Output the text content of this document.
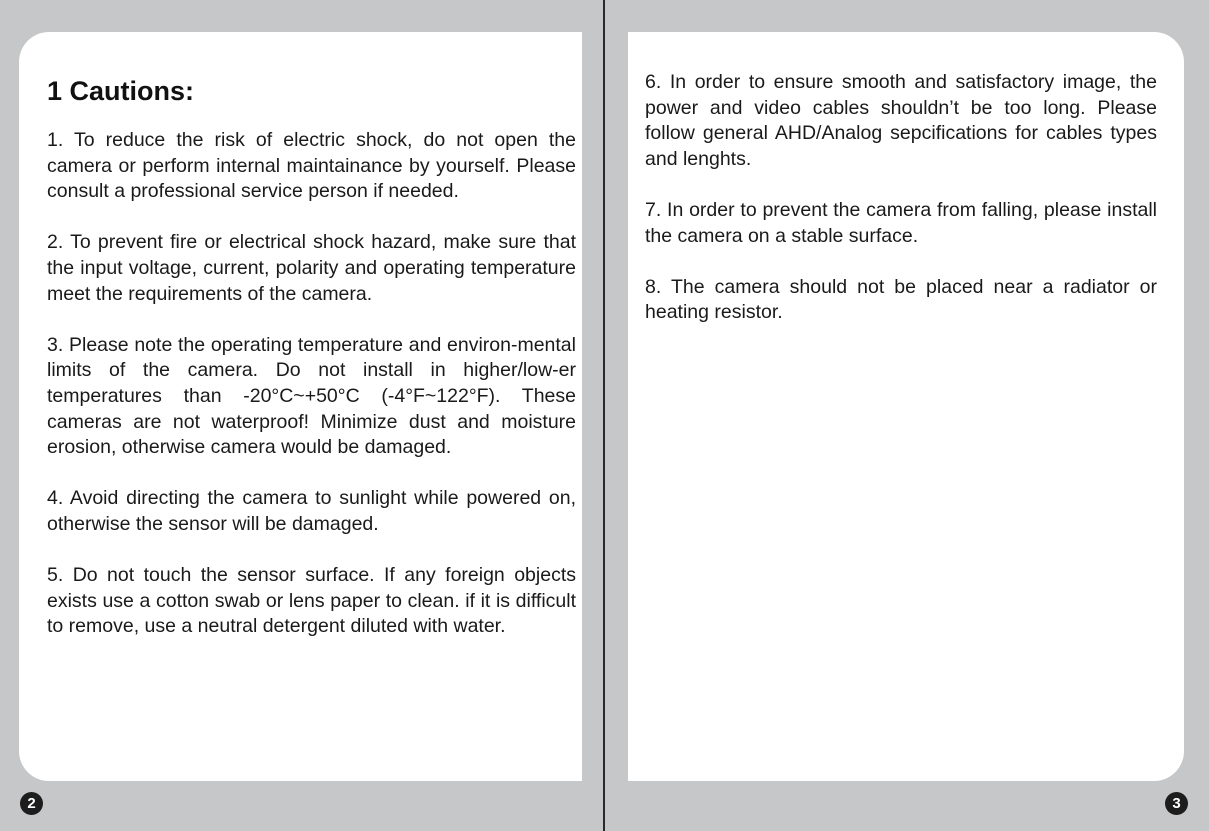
1 Cautions:

1. To reduce the risk of electric shock, do not open the camera or perform internal maintainance by yourself. Please consult a professional service person if needed.

2. To prevent fire or electrical shock hazard, make sure that the input voltage, current, polarity and operating temperature meet the requirements of the camera.

3. Please note the operating temperature and environ-mental limits of the camera. Do not install in higher/low-er temperatures than -20°C~+50°C (-4°F~122°F). These cameras are not waterproof! Minimize dust and moisture erosion, otherwise camera would be damaged.

4. Avoid directing the camera to sunlight while powered on, otherwise the sensor will be damaged.

5. Do not touch the sensor surface. If any foreign objects exists use a cotton swab or lens paper to clean. if it is difficult to remove, use a neutral detergent diluted with water.

6. In order to ensure smooth and satisfactory image, the power and video cables shouldn’t be too long. Please follow general AHD/Analog sepcifications for cables types and lenghts.

7. In order to prevent the camera from falling, please install the camera on a stable surface.

8. The camera should not be placed near a radiator or heating resistor.

2	3
